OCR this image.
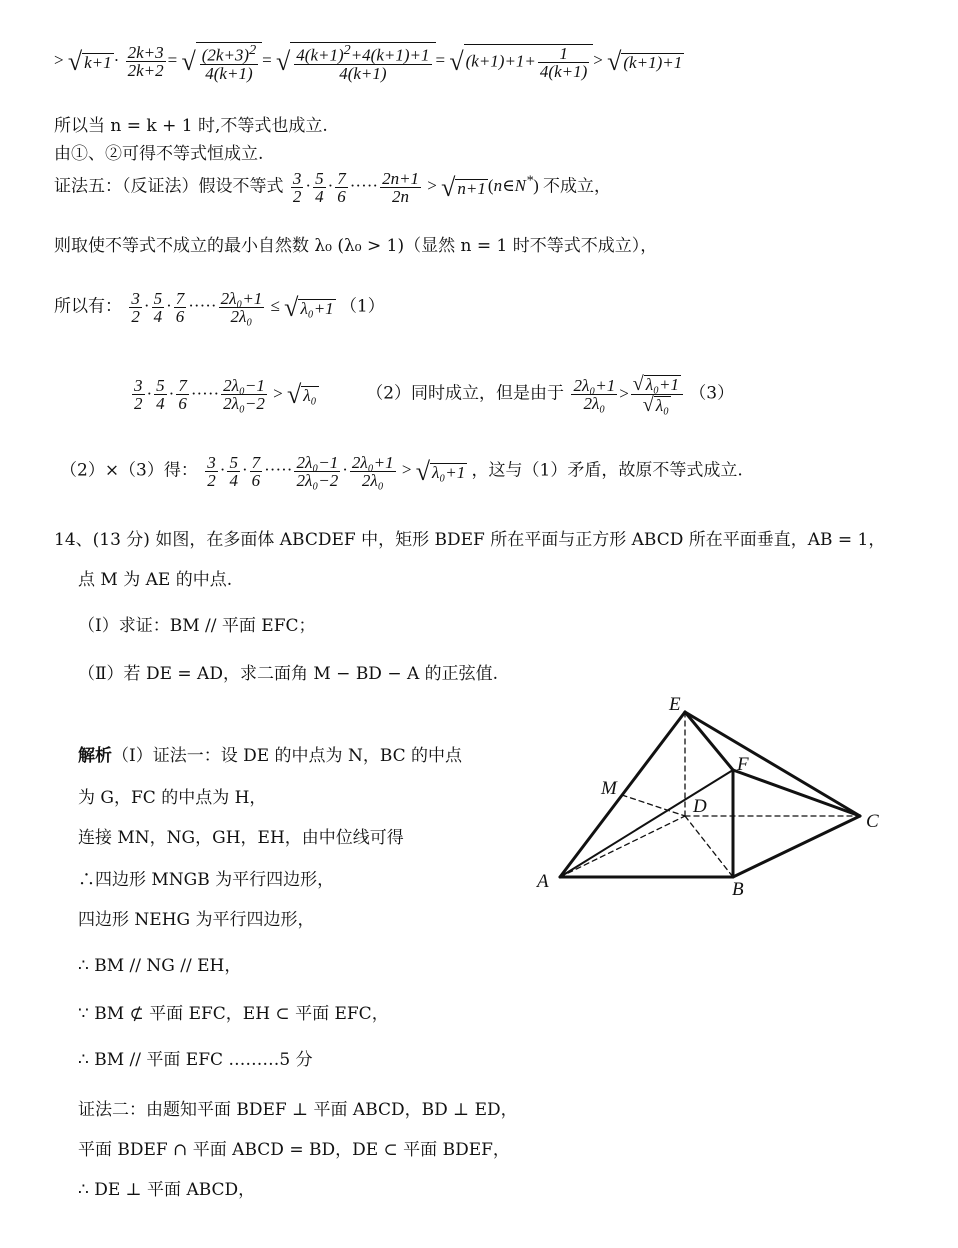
> √ $k+1 \cdot \frac{2k+3}{2k+2}$ = √ $\frac{(2k+3)^2}{4(k+1)}$ = √ $\frac{4(k+1)^2+4(k+1)+1}{4(k+1)}$ = √ $(k+1)+1+ \frac{1}{4(k+1)}$ > √ (k+1)+1
所以当 n = k + 1 时,不等式也成立.
由①、②可得不等式恒成立.
证法五：（反证法）假设不等式 $\frac{3}{2} \cdot \frac{5}{4} \cdot \frac{7}{6}$ ····· $\frac{2n+1}{2n}$ > √ n+1 (n∈N*) 不成立，
则取使不等式不成立的最小自然数 λ₀ (λ₀ > 1)（显然 n = 1 时不等式不成立），
所以有： $\frac{3}{2} \cdot \frac{5}{4} \cdot \frac{7}{6}$ ····· $\frac{\text{2λ₀+1}}{\text{2λ₀}}$ ≤ √ λ₀+1 （1）
$\frac{3}{2} \cdot \frac{5}{4} \cdot \frac{7}{6}$ ····· $\frac{\text{2λ₀−1}}{\text{2λ₀−2}}$ > √ λ₀	（2）同时成立，但是由于 $\frac{\text{2λ₀+1}}{\text{2λ₀}} > \frac{\text{√ λ₀+1}}{\text{√ λ₀}} (3)$
（2）×（3）得： $\frac{3}{2} \cdot \frac{5}{4} \cdot \frac{7}{6}$ ····· $\frac{\text{2λ₀−1}}{\text{2λ₀−2}} \cdot \frac{\text{2λ₀+1}}{\text{2λ₀}}$ > √ λ₀+1 ，这与（1）矛盾，故原不等式成立.
14、(13 分) 如图，在多面体 ABCDEF 中，矩形 BDEF 所在平面与正方形 ABCD 所在平面垂直，AB = 1，
点 M 为 AE 的中点.
（Ⅰ）求证：BM // 平面 EFC；
（Ⅱ）若 DE = AD，求二面角 M − BD − A 的正弦值.
解析（Ⅰ）证法一：设 DE 的中点为 N，BC 的中点
为 G，FC 的中点为 H，
连接 MN，NG，GH，EH，由中位线可得
∴四边形 MNGB 为平行四边形，
四边形 NEHG 为平行四边形，
∴ BM // NG // EH，
∵ BM ⊄ 平面 EFC，EH ⊂ 平面 EFC，
∴ BM // 平面 EFC ………5 分
证法二：由题知平面 BDEF ⊥ 平面 ABCD，BD ⊥ ED，
平面 BDEF ∩ 平面 ABCD = BD，DE ⊂ 平面 BDEF，
∴ DE ⊥ 平面 ABCD，
E
F
M
D
C
A	B
